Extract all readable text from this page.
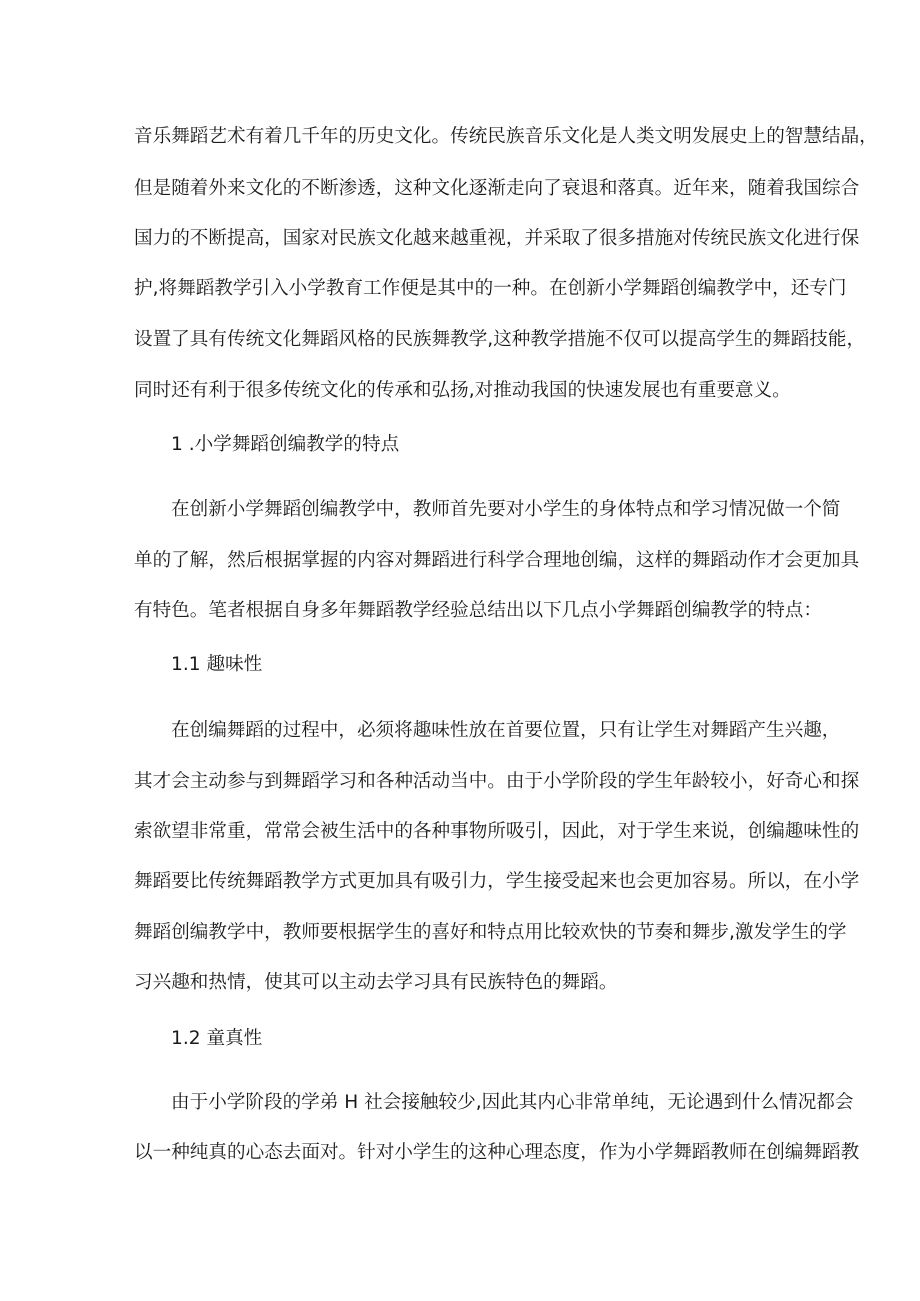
音乐舞蹈艺术有着几千年的历史文化。传统民族音乐文化是人类文明发展史上的智慧结晶，
但是随着外来文化的不断渗透，这种文化逐渐走向了衰退和落真。近年来，随着我国综合
国力的不断提高，国家对民族文化越来越重视，并采取了很多措施对传统民族文化进行保
护,将舞蹈教学引入小学教育工作便是其中的一种。在创新小学舞蹈创编教学中，还专门
设置了具有传统文化舞蹈风格的民族舞教学,这种教学措施不仅可以提高学生的舞蹈技能，
同时还有利于很多传统文化的传承和弘扬,对推动我国的快速发展也有重要意义。
1 .小学舞蹈创编教学的特点
在创新小学舞蹈创编教学中，教师首先要对小学生的身体特点和学习情况做一个简
单的了解，然后根据掌握的内容对舞蹈进行科学合理地创编，这样的舞蹈动作才会更加具
有特色。笔者根据自身多年舞蹈教学经验总结出以下几点小学舞蹈创编教学的特点：
1.1 趣味性
在创编舞蹈的过程中，必须将趣味性放在首要位置，只有让学生对舞蹈产生兴趣，
其才会主动参与到舞蹈学习和各种活动当中。由于小学阶段的学生年龄较小，好奇心和探
索欲望非常重，常常会被生活中的各种事物所吸引，因此，对于学生来说，创编趣味性的
舞蹈要比传统舞蹈教学方式更加具有吸引力，学生接受起来也会更加容易。所以，在小学
舞蹈创编教学中，教师要根据学生的喜好和特点用比较欢快的节奏和舞步,激发学生的学
习兴趣和热情，使其可以主动去学习具有民族特色的舞蹈。
1.2 童真性
由于小学阶段的学弟 H 社会接触较少,因此其内心非常单纯，无论遇到什么情况都会
以一种纯真的心态去面对。针对小学生的这种心理态度，作为小学舞蹈教师在创编舞蹈教
